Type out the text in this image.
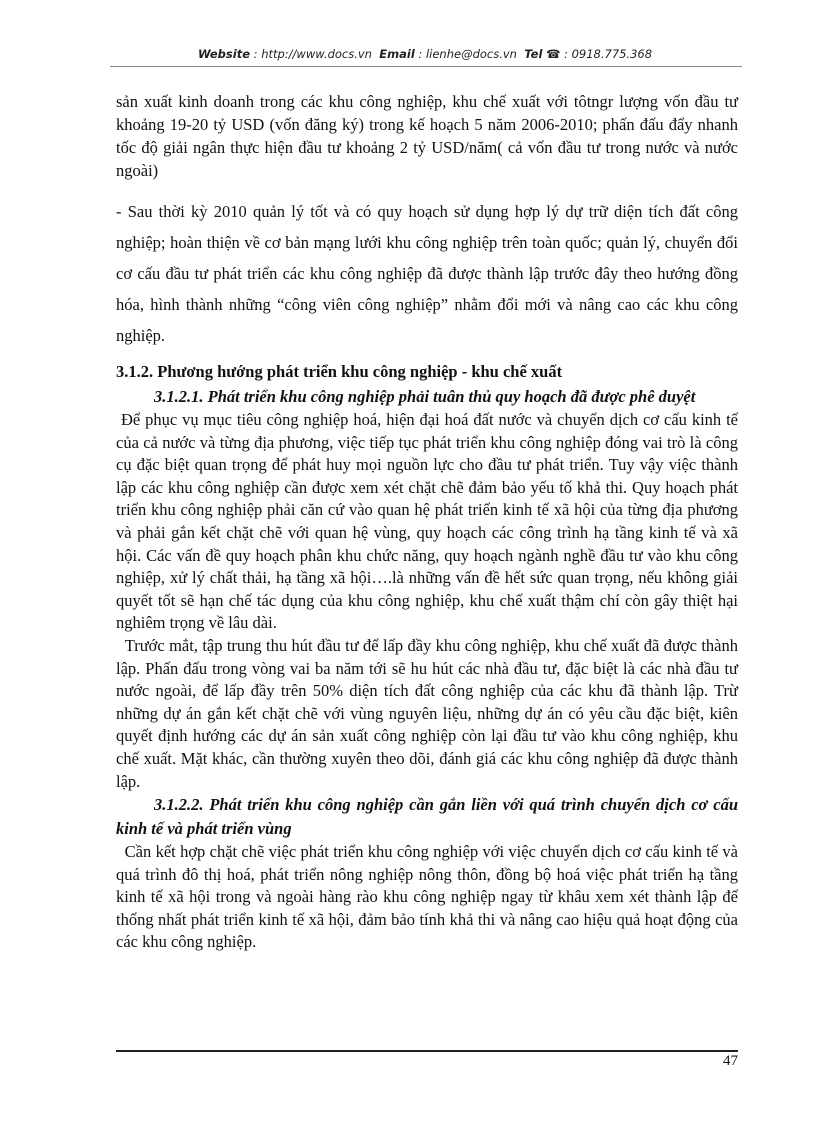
Website : http://www.docs.vn Email : lienhe@docs.vn Tel ☎ : 0918.775.368

sản xuất kinh doanh trong các khu công nghiệp, khu chế xuất với tôtngr lượng vốn đầu tư khoảng 19-20 tỷ USD (vốn đăng ký) trong kế hoạch 5 năm 2006-2010; phấn đấu đẩy nhanh tốc độ giải ngân thực hiện đầu tư khoảng 2 tỷ USD/năm( cả vốn đầu tư trong nước và nước ngoài)

- Sau thời kỳ 2010 quản lý tốt và có quy hoạch sử dụng hợp lý dự trữ diện tích đất công nghiệp; hoàn thiện về cơ bản mạng lưới khu công nghiệp trên toàn quốc; quản lý, chuyển đổi cơ cấu đầu tư phát triển các khu công nghiệp đã được thành lập trước đây theo hướng đồng hóa, hình thành những “công viên công nghiệp” nhằm đổi mới và nâng cao các khu công nghiệp.

3.1.2. Phương hướng phát triển khu công nghiệp - khu chế xuất

3.1.2.1. Phát triển khu công nghiệp phải tuân thủ quy hoạch đã được phê duyệt

Để phục vụ mục tiêu công nghiệp hoá, hiện đại hoá đất nước và chuyển dịch cơ cấu kinh tế của cả nước và từng địa phương, việc tiếp tục phát triển khu công nghiệp đóng vai trò là công cụ đặc biệt quan trọng để phát huy mọi nguồn lực cho đầu tư phát triển. Tuy vậy việc thành lập các khu công nghiệp cần được xem xét chặt chẽ đảm bảo yếu tố khả thi. Quy hoạch phát triển khu công nghiệp phải căn cứ vào quan hệ phát triển kinh tế xã hội của từng địa phương và phải gắn kết chặt chẽ với quan hệ vùng, quy hoạch các công trình hạ tầng kinh tế và xã hội. Các vấn đề quy hoạch phân khu chức năng, quy hoạch ngành nghề đầu tư vào khu công nghiệp, xử lý chất thải, hạ tầng xã hội….là những vấn đề hết sức quan trọng, nếu không giải quyết tốt sẽ hạn chế tác dụng của khu công nghiệp, khu chế xuất thậm chí còn gây thiệt hại nghiêm trọng về lâu dài.

Trước mắt, tập trung thu hút đầu tư để lấp đầy khu công nghiệp, khu chế xuất đã được thành lập. Phấn đấu trong vòng vai ba năm tới sẽ hu hút các nhà đầu tư, đặc biệt là các nhà đầu tư nước ngoài, để lấp đầy trên 50% diện tích đất công nghiệp của các khu đã thành lập. Trừ những dự án gắn kết chặt chẽ với vùng nguyên liệu, những dự án có yêu cầu đặc biệt, kiên quyết định hướng các dự án sản xuất công nghiệp còn lại đầu tư vào khu công nghiệp, khu chế xuất. Mặt khác, cần thường xuyên theo dõi, đánh giá các khu công nghiệp đã được thành lập.

3.1.2.2. Phát triển khu công nghiệp cần gắn liền với quá trình chuyển dịch cơ cấu kinh tế và phát triển vùng

Cần kết hợp chặt chẽ việc phát triển khu công nghiệp với việc chuyển dịch cơ cấu kinh tế và quá trình đô thị hoá, phát triển nông nghiệp nông thôn, đồng bộ hoá việc phát triển hạ tầng kinh tế xã hội trong và ngoài hàng rào khu công nghiệp ngay từ khâu xem xét thành lập để thống nhất phát triển kinh tế xã hội, đảm bảo tính khả thi và nâng cao hiệu quả hoạt động của các khu công nghiệp.

47
